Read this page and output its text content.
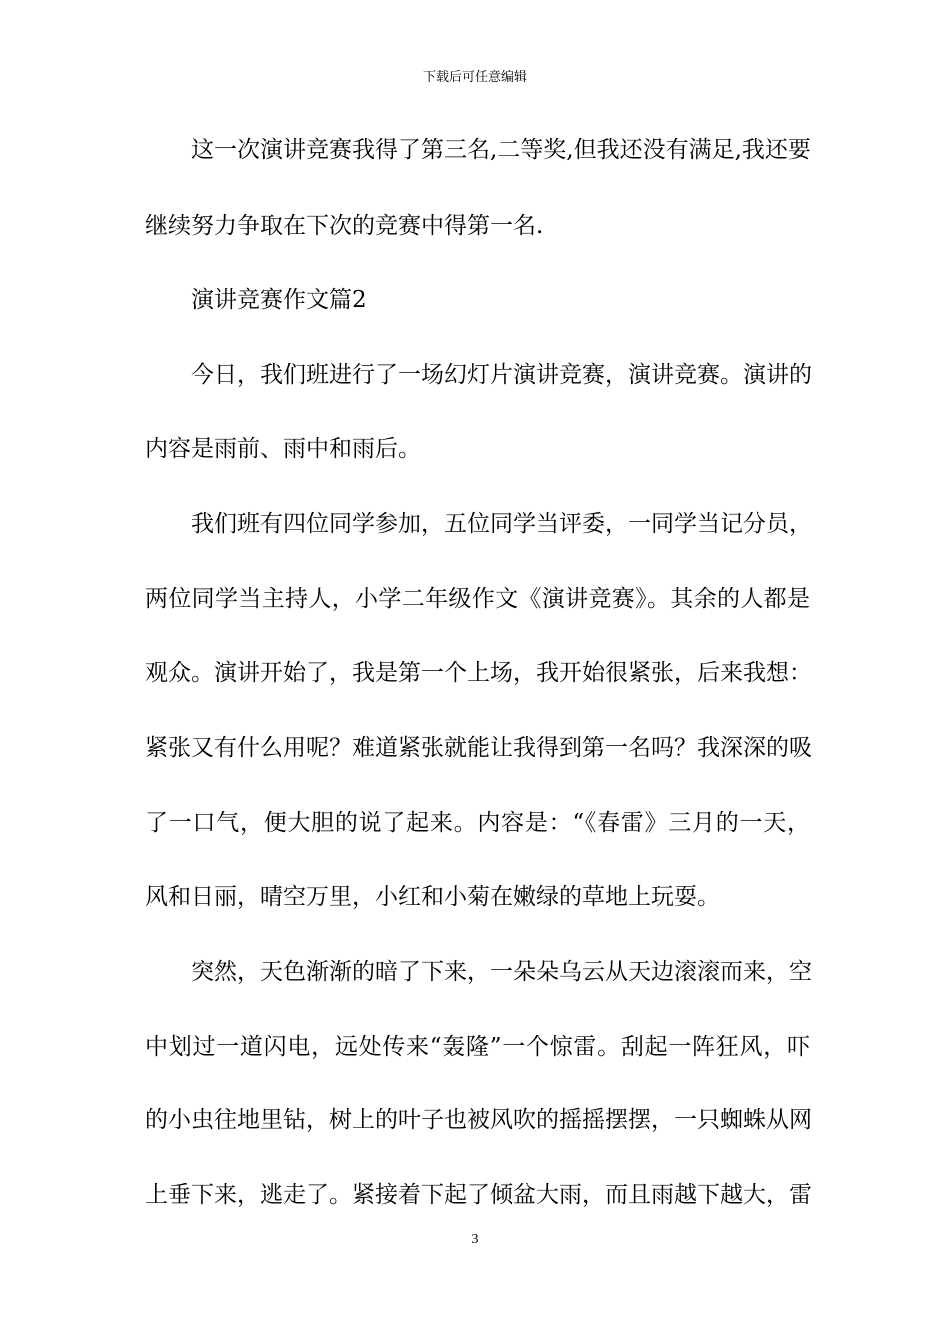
下载后可任意编辑
这一次演讲竞赛我得了第三名,二等奖,但我还没有满足,我还要
继续努力争取在下次的竞赛中得第一名.
演讲竞赛作文篇2
今日，我们班进行了一场幻灯片演讲竞赛，演讲竞赛。演讲的
内容是雨前、雨中和雨后。
我们班有四位同学参加，五位同学当评委，一同学当记分员，
两位同学当主持人，小学二年级作文《演讲竞赛》。其余的人都是
观众。演讲开始了，我是第一个上场，我开始很紧张，后来我想：
紧张又有什么用呢？难道紧张就能让我得到第一名吗？我深深的吸
了一口气，便大胆的说了起来。内容是：“《春雷》三月的一天，
风和日丽，晴空万里，小红和小菊在嫩绿的草地上玩耍。
突然，天色渐渐的暗了下来，一朵朵乌云从天边滚滚而来，空
中划过一道闪电，远处传来“轰隆”一个惊雷。刮起一阵狂风，吓
的小虫往地里钻，树上的叶子也被风吹的摇摇摆摆，一只蜘蛛从网
上垂下来，逃走了。紧接着下起了倾盆大雨，而且雨越下越大，雷
3
